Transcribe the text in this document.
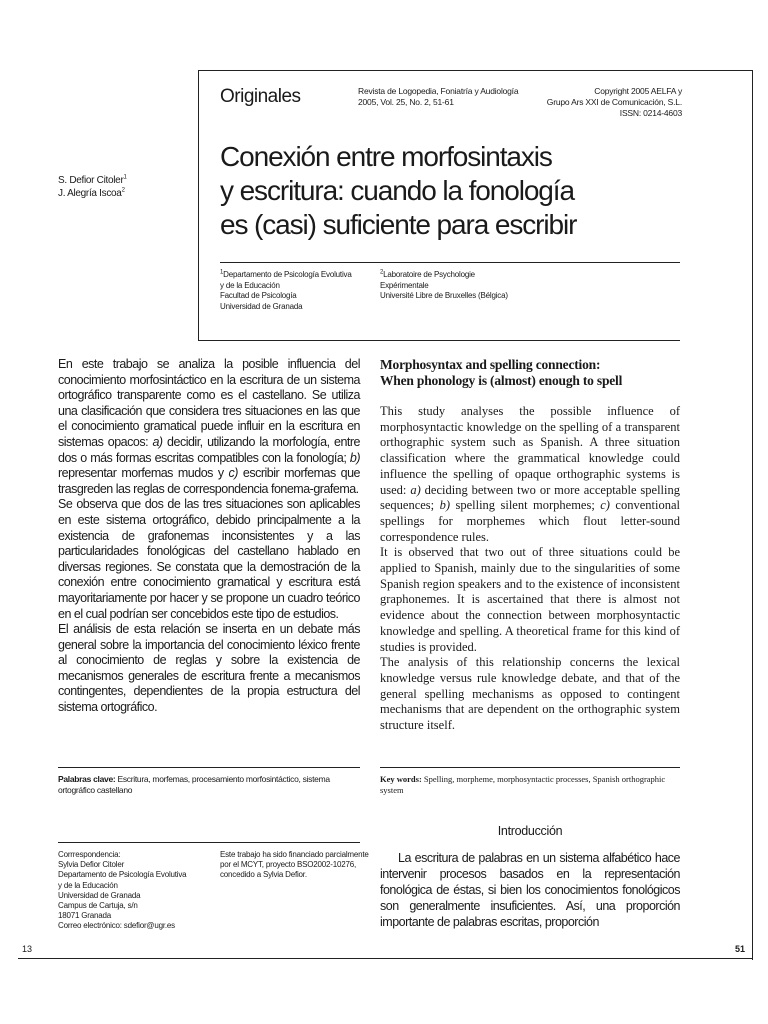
Originales	Revista de Logopedia, Foniatría y Audiología
2005, Vol. 25, No. 2, 51-61
Copyright 2005 AELFA y
Grupo Ars XXI de Comunicación, S.L.
ISSN: 0214-4603
S. Defior Citoler$^1$
J. Alegría Iscoa$^2$
Conexión entre morfosintaxis
y escritura: cuando la fonología
es (casi) suficiente para escribir
$^1$Departamento de Psicología Evolutiva
y de la Educación
Facultad de Psicología
Universidad de Granada
$^2$Laboratoire de Psychologie
Expérimentale
Université Libre de Bruxelles (Bélgica)

En este trabajo se analiza la posible influencia del conocimiento morfosintáctico en la escritura de un sistema ortográfico transparente como es el castellano. Se utiliza una clasificación que considera tres situaciones en las que el conocimiento gramatical puede influir en la escritura en sistemas opacos: a) decidir, utilizando la morfología, entre dos o más formas escritas compatibles con la fonología; b) representar morfemas mudos y c) escribir morfemas que trasgreden las reglas de correspondencia fonema-grafema.

Se observa que dos de las tres situaciones son aplicables en este sistema ortográfico, debido principalmente a la existencia de grafonemas inconsistentes y a las particularidades fonológicas del castellano hablado en diversas regiones. Se constata que la demostración de la conexión entre conocimiento gramatical y escritura está mayoritariamente por hacer y se propone un cuadro teórico en el cual podrían ser concebidos este tipo de estudios.

El análisis de esta relación se inserta en un debate más general sobre la importancia del conocimiento léxico frente al conocimiento de reglas y sobre la existencia de mecanismos generales de escritura frente a mecanismos contingentes, dependientes de la propia estructura del sistema ortográfico.

Palabras clave: Escritura, morfemas, procesamiento morfosintáctico, sistema ortográfico castellano
Morphosyntax and spelling connection:
When phonology is (almost) enough to spell

This study analyses the possible influence of morphosyntactic knowledge on the spelling of a transparent orthographic system such as Spanish. A three situation classification where the grammatical knowledge could influence the spelling of opaque orthographic systems is used: a) deciding between two or more acceptable spelling sequences; b) spelling silent morphemes; c) conventional spellings for morphemes which flout letter-sound correspondence rules.

It is observed that two out of three situations could be applied to Spanish, mainly due to the singularities of some Spanish region speakers and to the existence of inconsistent graphonemes. It is ascertained that there is almost not evidence about the connection between morphosyntactic knowledge and spelling. A theoretical frame for this kind of studies is provided.

The analysis of this relationship concerns the lexical knowledge versus rule knowledge debate, and that of the general spelling mechanisms as opposed to contingent mechanisms that are dependent on the orthographic system structure itself.

Key words: Spelling, morpheme, morphosyntactic processes, Spanish orthographic system
Introducción

La escritura de palabras en un sistema alfabético hace intervenir procesos basados en la representación fonológica de éstas, si bien los conocimientos fonológicos son generalmente insuficientes. Así, una proporción importante de palabras escritas, proporción

Corrrespondencia:
Sylvia Defior Citoler
Departamento de Psicología Evolutiva
y de la Educación
Universidad de Granada
Campus de Cartuja, s/n
18071 Granada
Correo electrónico: sdefior@ugr.es
Este trabajo ha sido financiado parcialmente por el MCYT, proyecto BSO2002-10276, concedido a Sylvia Defior.
13	51
